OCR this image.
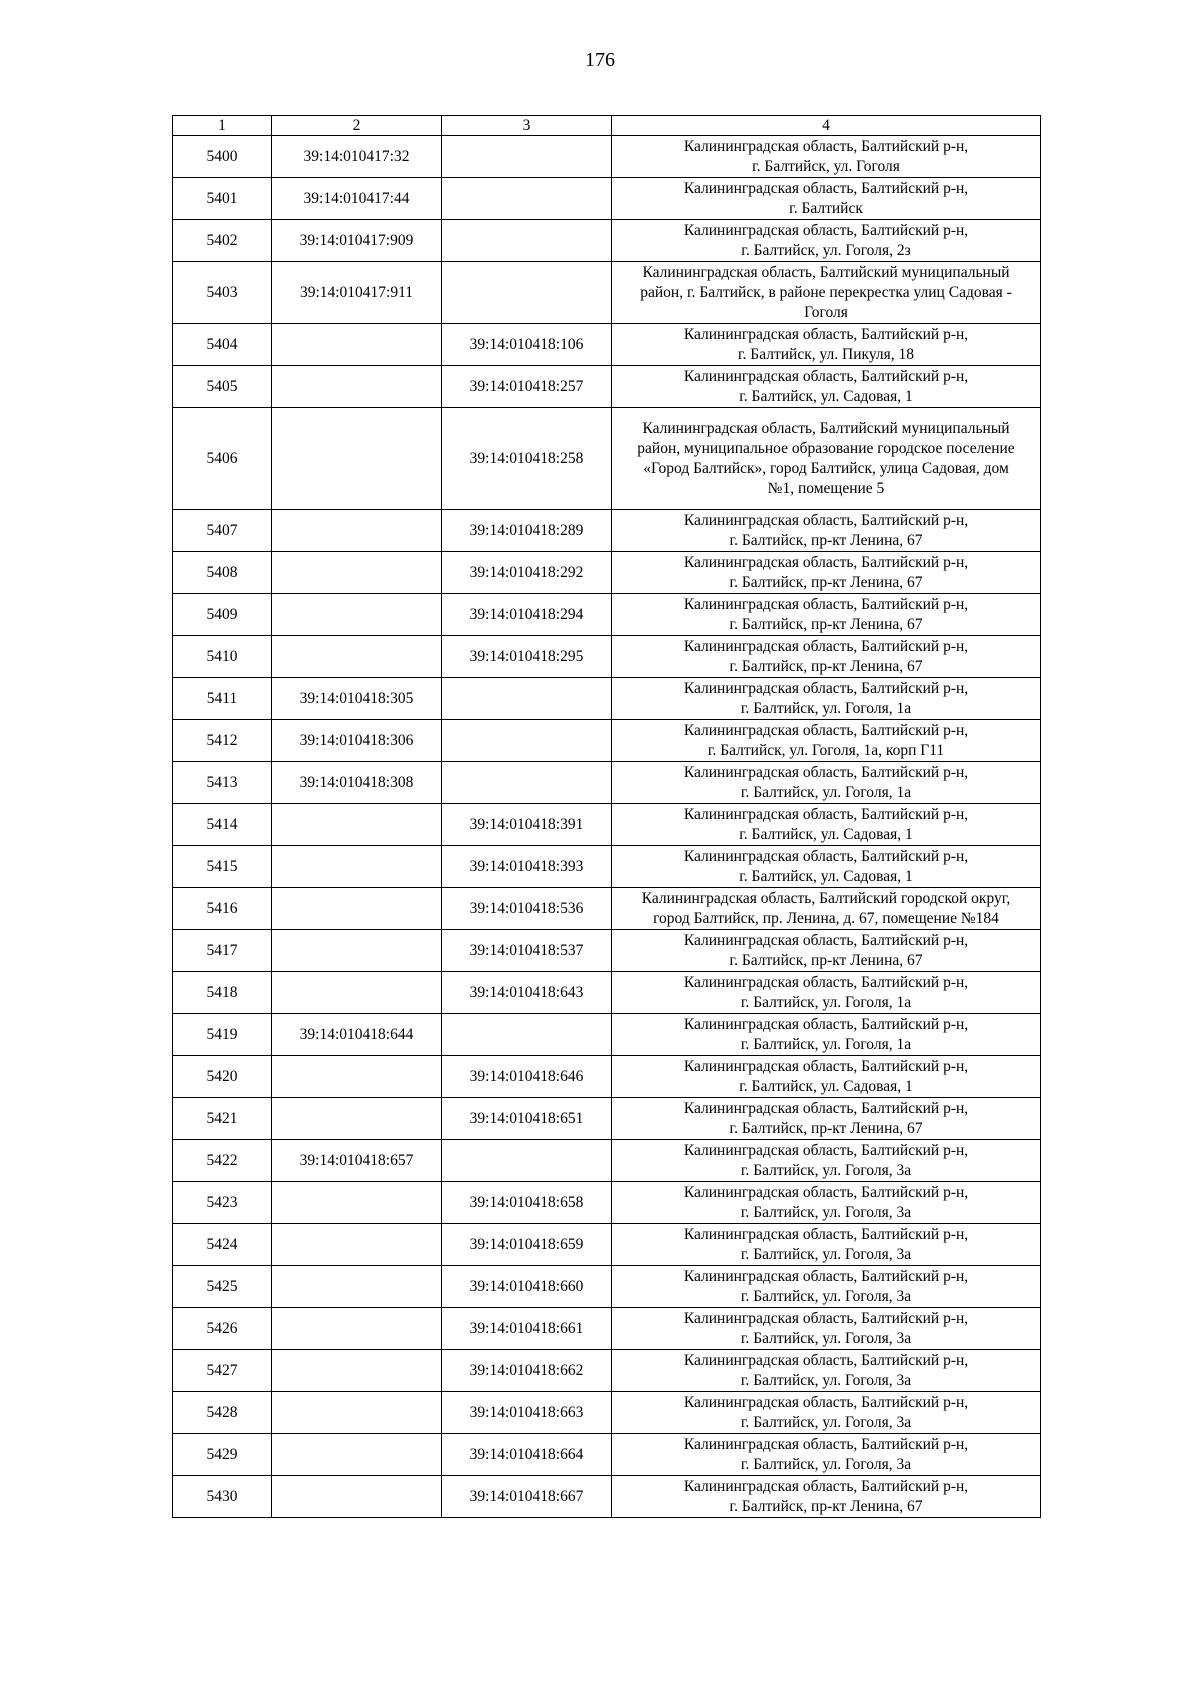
176
1	2	3	4
5400	39:14:010417:32		Калининградская область, Балтийский р-н,
г. Балтийск, ул. Гоголя
5401	39:14:010417:44		Калининградская область, Балтийский р-н,
г. Балтийск
5402	39:14:010417:909		Калининградская область, Балтийский р-н,
г. Балтийск, ул. Гоголя, 2з
5403	39:14:010417:911		Калининградская область, Балтийский муниципальный
район, г. Балтийск, в районе перекрестка улиц Садовая -
Гоголя
5404		39:14:010418:106	Калининградская область, Балтийский р-н,
г. Балтийск, ул. Пикуля, 18
5405		39:14:010418:257	Калининградская область, Балтийский р-н,
г. Балтийск, ул. Садовая, 1
5406		39:14:010418:258	Калининградская область, Балтийский муниципальный
район, муниципальное образование городское поселение
«Город Балтийск», город Балтийск, улица Садовая, дом
№1, помещение 5
5407		39:14:010418:289	Калининградская область, Балтийский р-н,
г. Балтийск, пр-кт Ленина, 67
5408		39:14:010418:292	Калининградская область, Балтийский р-н,
г. Балтийск, пр-кт Ленина, 67
5409		39:14:010418:294	Калининградская область, Балтийский р-н,
г. Балтийск, пр-кт Ленина, 67
5410		39:14:010418:295	Калининградская область, Балтийский р-н,
г. Балтийск, пр-кт Ленина, 67
5411	39:14:010418:305		Калининградская область, Балтийский р-н,
г. Балтийск, ул. Гоголя, 1а
5412	39:14:010418:306		Калининградская область, Балтийский р-н,
г. Балтийск, ул. Гоголя, 1а, корп Г11
5413	39:14:010418:308		Калининградская область, Балтийский р-н,
г. Балтийск, ул. Гоголя, 1а
5414		39:14:010418:391	Калининградская область, Балтийский р-н,
г. Балтийск, ул. Садовая, 1
5415		39:14:010418:393	Калининградская область, Балтийский р-н,
г. Балтийск, ул. Садовая, 1
5416		39:14:010418:536	Калининградская область, Балтийский городской округ,
город Балтийск, пр. Ленина, д. 67, помещение №184
5417		39:14:010418:537	Калининградская область, Балтийский р-н,
г. Балтийск, пр-кт Ленина, 67
5418		39:14:010418:643	Калининградская область, Балтийский р-н,
г. Балтийск, ул. Гоголя, 1а
5419	39:14:010418:644		Калининградская область, Балтийский р-н,
г. Балтийск, ул. Гоголя, 1а
5420		39:14:010418:646	Калининградская область, Балтийский р-н,
г. Балтийск, ул. Садовая, 1
5421		39:14:010418:651	Калининградская область, Балтийский р-н,
г. Балтийск, пр-кт Ленина, 67
5422	39:14:010418:657		Калининградская область, Балтийский р-н,
г. Балтийск, ул. Гоголя, 3а
5423		39:14:010418:658	Калининградская область, Балтийский р-н,
г. Балтийск, ул. Гоголя, 3а
5424		39:14:010418:659	Калининградская область, Балтийский р-н,
г. Балтийск, ул. Гоголя, 3а
5425		39:14:010418:660	Калининградская область, Балтийский р-н,
г. Балтийск, ул. Гоголя, 3а
5426		39:14:010418:661	Калининградская область, Балтийский р-н,
г. Балтийск, ул. Гоголя, 3а
5427		39:14:010418:662	Калининградская область, Балтийский р-н,
г. Балтийск, ул. Гоголя, 3а
5428		39:14:010418:663	Калининградская область, Балтийский р-н,
г. Балтийск, ул. Гоголя, 3а
5429		39:14:010418:664	Калининградская область, Балтийский р-н,
г. Балтийск, ул. Гоголя, 3а
5430		39:14:010418:667	Калининградская область, Балтийский р-н,
г. Балтийск, пр-кт Ленина, 67
